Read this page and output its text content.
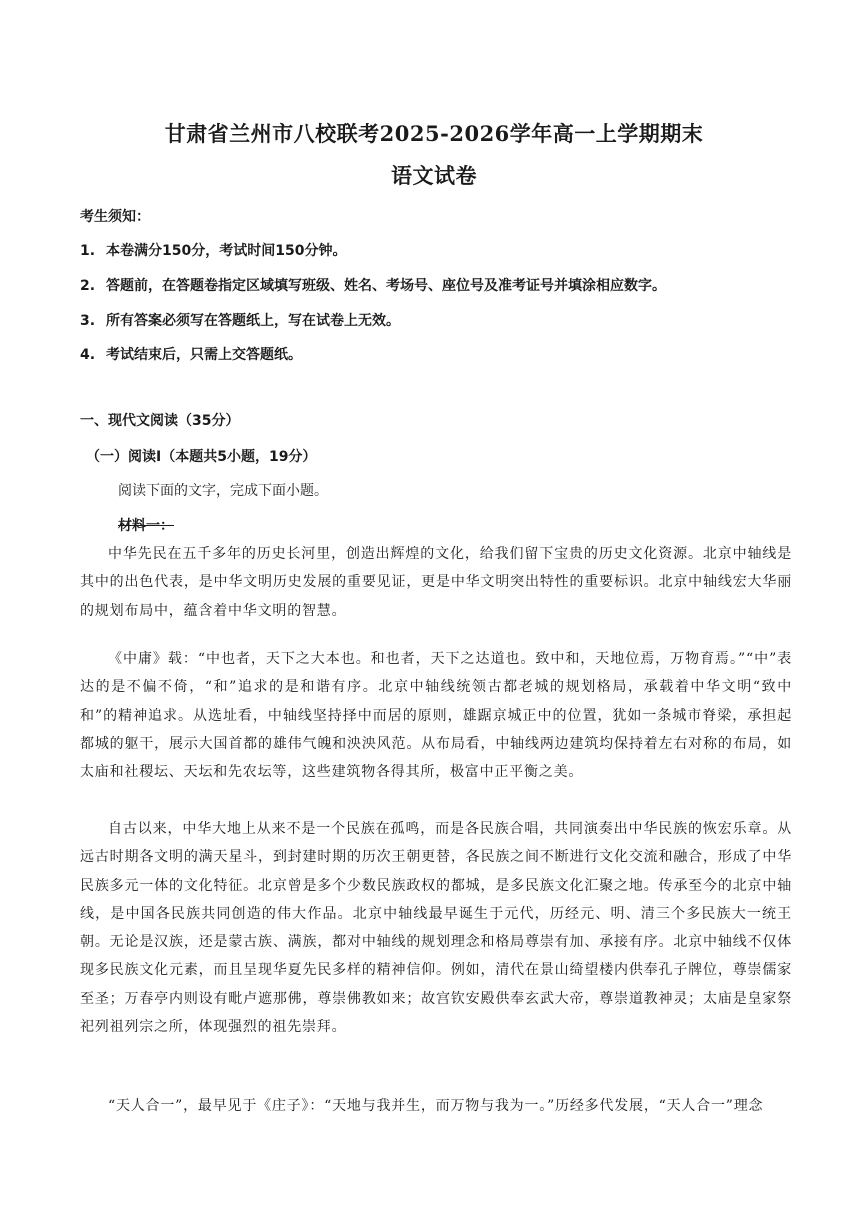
甘肃省兰州市八校联考2025-2026学年高一上学期期末
语文试卷
考生须知：
1. 本卷满分150分，考试时间150分钟。
2. 答题前，在答题卷指定区域填写班级、姓名、考场号、座位号及准考证号并填涂相应数字。
3. 所有答案必须写在答题纸上，写在试卷上无效。
4. 考试结束后，只需上交答题纸。
一、现代文阅读（35分）
（一）阅读Ⅰ（本题共5小题，19分）
阅读下面的文字，完成下面小题。
材料一：
中华先民在五千多年的历史长河里，创造出辉煌的文化，给我们留下宝贵的历史文化资源。北京中轴线是其中的出色代表，是中华文明历史发展的重要见证，更是中华文明突出特性的重要标识。北京中轴线宏大华丽的规划布局中，蕴含着中华文明的智慧。
《中庸》载：“中也者，天下之大本也。和也者，天下之达道也。致中和，天地位焉，万物育焉。”“中”表达的是不偏不倚，“和”追求的是和谐有序。北京中轴线统领古都老城的规划格局，承载着中华文明“致中和”的精神追求。从选址看，中轴线坚持择中而居的原则，雄踞京城正中的位置，犹如一条城市脊梁，承担起都城的躯干，展示大国首都的雄伟气魄和泱泱风范。从布局看，中轴线两边建筑均保持着左右对称的布局，如太庙和社稷坛、天坛和先农坛等，这些建筑物各得其所，极富中正平衡之美。
自古以来，中华大地上从来不是一个民族在孤鸣，而是各民族合唱，共同演奏出中华民族的恢宏乐章。从远古时期各文明的满天星斗，到封建时期的历次王朝更替，各民族之间不断进行文化交流和融合，形成了中华民族多元一体的文化特征。北京曾是多个少数民族政权的都城，是多民族文化汇聚之地。传承至今的北京中轴线，是中国各民族共同创造的伟大作品。北京中轴线最早诞生于元代，历经元、明、清三个多民族大一统王朝。无论是汉族，还是蒙古族、满族，都对中轴线的规划理念和格局尊崇有加、承接有序。北京中轴线不仅体现多民族文化元素，而且呈现华夏先民多样的精神信仰。例如，清代在景山绮望楼内供奉孔子牌位，尊崇儒家至圣；万春亭内则设有毗卢遮那佛，尊崇佛教如来；故宫钦安殿供奉玄武大帝，尊崇道教神灵；太庙是皇家祭祀列祖列宗之所，体现强烈的祖先崇拜。
“天人合一”，最早见于《庄子》：“天地与我并生，而万物与我为一。”历经多代发展，“天人合一”理念
